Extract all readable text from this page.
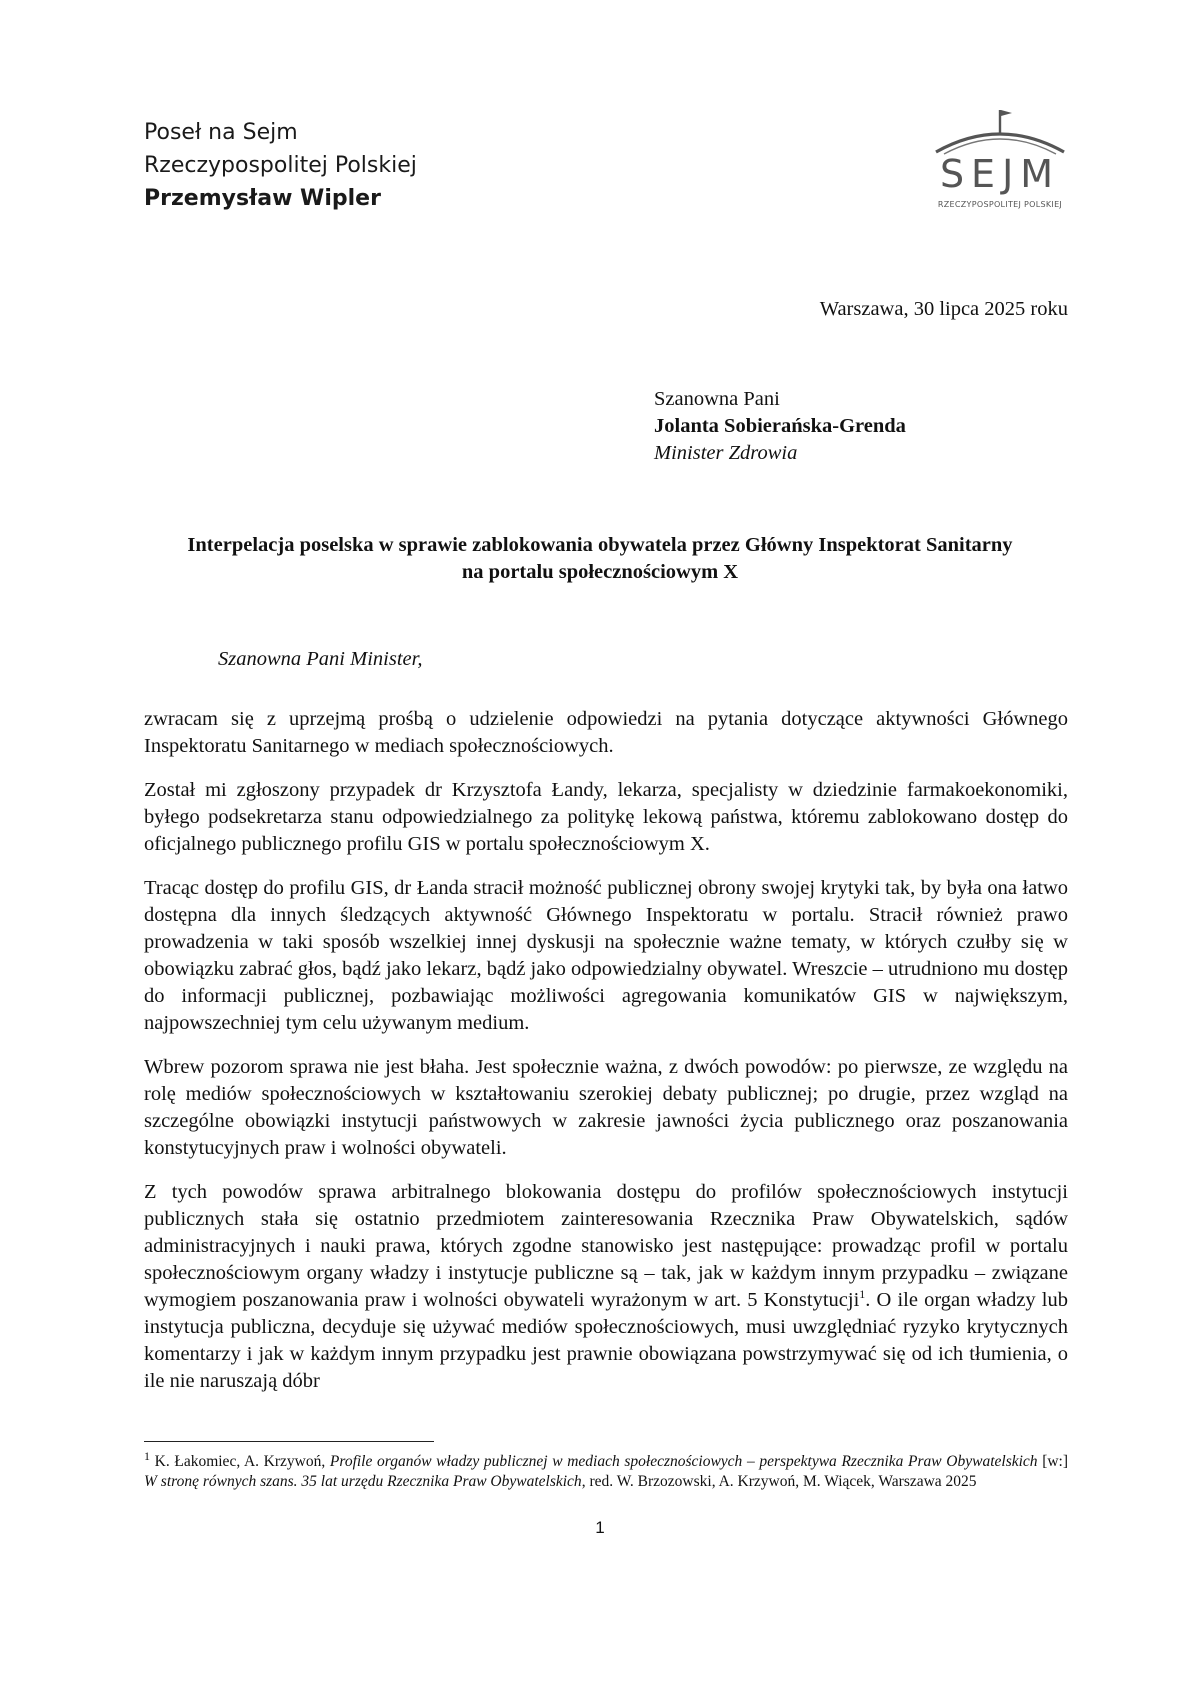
Poseł na Sejm
Rzeczypospolitej Polskiej
Przemysław Wipler
SEJM
RZECZYPOSPOLITEJ POLSKIEJ
Warszawa, 30 lipca 2025 roku
Szanowna Pani
Jolanta Sobierańska-Grenda
Minister Zdrowia
Interpelacja poselska w sprawie zablokowania obywatela przez Główny Inspektorat Sanitarny
na portalu społecznościowym X
Szanowna Pani Minister,

zwracam się z uprzejmą prośbą o udzielenie odpowiedzi na pytania dotyczące aktywności Głównego Inspektoratu Sanitarnego w mediach społecznościowych.

Został mi zgłoszony przypadek dr Krzysztofa Łandy, lekarza, specjalisty w dziedzinie farmakoekonomiki, byłego podsekretarza stanu odpowiedzialnego za politykę lekową państwa, któremu zablokowano dostęp do oficjalnego publicznego profilu GIS w portalu społecznościowym X.

Tracąc dostęp do profilu GIS, dr Łanda stracił możność publicznej obrony swojej krytyki tak, by była ona łatwo dostępna dla innych śledzących aktywność Głównego Inspektoratu w portalu. Stracił również prawo prowadzenia w taki sposób wszelkiej innej dyskusji na społecznie ważne tematy, w których czułby się w obowiązku zabrać głos, bądź jako lekarz, bądź jako odpowiedzialny obywatel. Wreszcie – utrudniono mu dostęp do informacji publicznej, pozbawiając możliwości agregowania komunikatów GIS w największym, najpowszechniej tym celu używanym medium.

Wbrew pozorom sprawa nie jest błaha. Jest społecznie ważna, z dwóch powodów: po pierwsze, ze względu na rolę mediów społecznościowych w kształtowaniu szerokiej debaty publicznej; po drugie, przez wzgląd na szczególne obowiązki instytucji państwowych w zakresie jawności życia publicznego oraz poszanowania konstytucyjnych praw i wolności obywateli.

Z tych powodów sprawa arbitralnego blokowania dostępu do profilów społecznościowych instytucji publicznych stała się ostatnio przedmiotem zainteresowania Rzecznika Praw Obywatelskich, sądów administracyjnych i nauki prawa, których zgodne stanowisko jest następujące: prowadząc profil w portalu społecznościowym organy władzy i instytucje publiczne są – tak, jak w każdym innym przypadku – związane wymogiem poszanowania praw i wolności obywateli wyrażonym w art. 5 Konstytucji$^1$. O ile organ władzy lub instytucja publiczna, decyduje się używać mediów społecznościowych, musi uwzględniać ryzyko krytycznych komentarzy i jak w każdym innym przypadku jest prawnie obowiązana powstrzymywać się od ich tłumienia, o ile nie naruszają dóbr

$^1$ K. Łakomiec, A. Krzywoń, Profile organów władzy publicznej w mediach społecznościowych – perspektywa Rzecznika Praw Obywatelskich [w:] W stronę równych szans. 35 lat urzędu Rzecznika Praw Obywatelskich, red. W. Brzozowski, A. Krzywoń, M. Wiącek, Warszawa 2025
1
